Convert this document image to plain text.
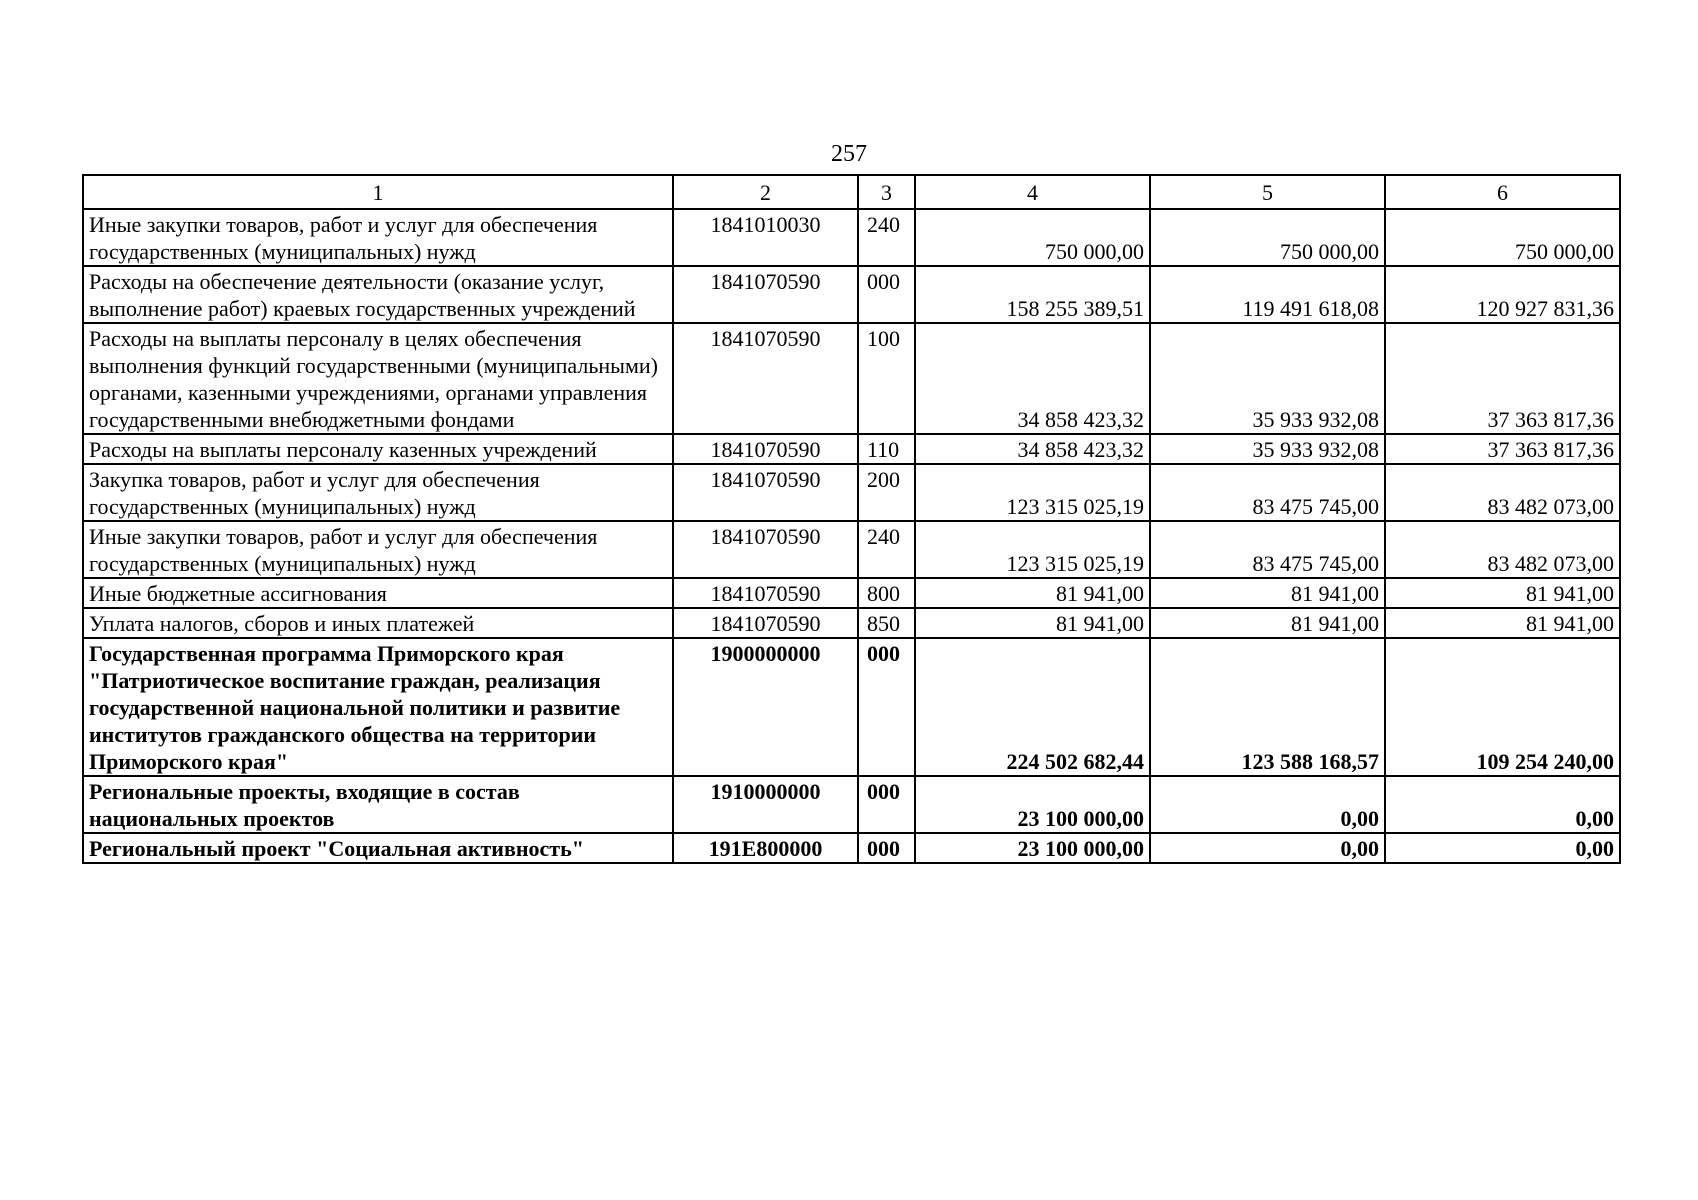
257
1	2	3	4	5	6
Иные закупки товаров, работ и услуг для обеспечения государственных (муниципальных) нужд	1841010030	240	750 000,00	750 000,00	750 000,00
Расходы на обеспечение деятельности (оказание услуг, выполнение работ) краевых государственных учреждений	1841070590	000	158 255 389,51	119 491 618,08	120 927 831,36
Расходы на выплаты персоналу в целях обеспечения выполнения функций государственными (муниципальными) органами, казенными учреждениями, органами управления государственными внебюджетными фондами	1841070590	100	34 858 423,32	35 933 932,08	37 363 817,36
Расходы на выплаты персоналу казенных учреждений	1841070590	110	34 858 423,32	35 933 932,08	37 363 817,36
Закупка товаров, работ и услуг для обеспечения государственных (муниципальных) нужд	1841070590	200	123 315 025,19	83 475 745,00	83 482 073,00
Иные закупки товаров, работ и услуг для обеспечения государственных (муниципальных) нужд	1841070590	240	123 315 025,19	83 475 745,00	83 482 073,00
Иные бюджетные ассигнования	1841070590	800	81 941,00	81 941,00	81 941,00
Уплата налогов, сборов и иных платежей	1841070590	850	81 941,00	81 941,00	81 941,00
Государственная программа Приморского края "Патриотическое воспитание граждан, реализация государственной национальной политики и развитие институтов гражданского общества на территории Приморского края"	1900000000	000	224 502 682,44	123 588 168,57	109 254 240,00
Региональные проекты, входящие в состав национальных проектов	1910000000	000	23 100 000,00	0,00	0,00
Региональный проект "Социальная активность"	191E800000	000	23 100 000,00	0,00	0,00
